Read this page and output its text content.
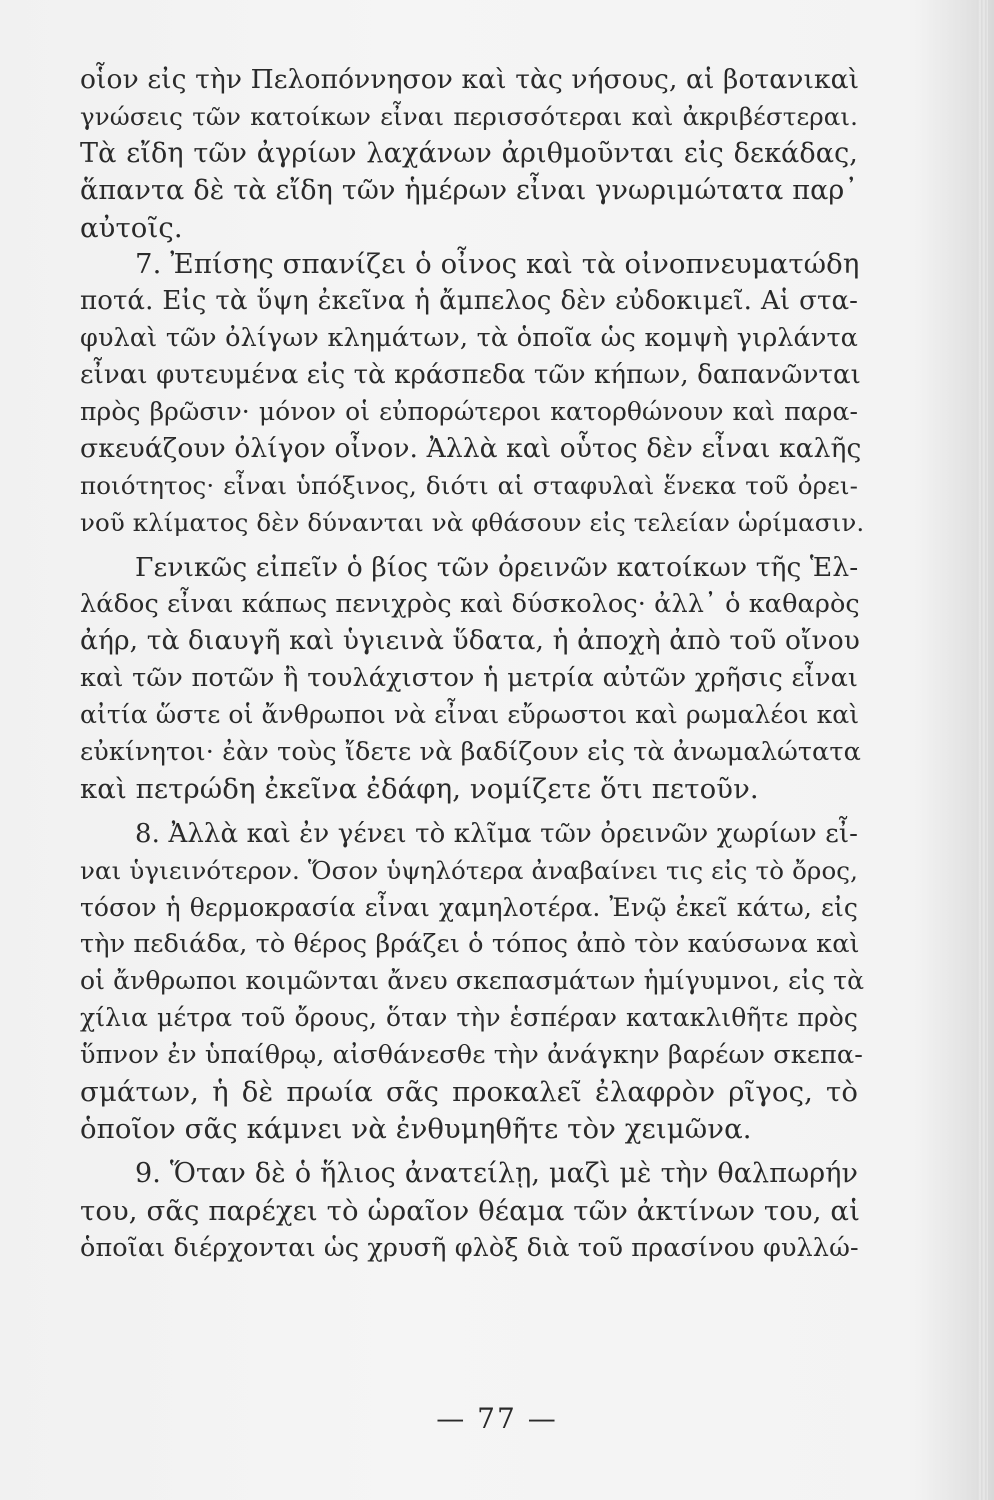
οἷον εἰς τὴν Πελοπόννησον καὶ τὰς νήσους, αἱ βοτανικαὶ
γνώσεις τῶν κατοίκων εἶναι περισσότεραι καὶ ἀκριβέστεραι.
Τὰ εἴδη τῶν ἀγρίων λαχάνων ἀριθμοῦνται εἰς δεκάδας,
ἅπαντα δὲ τὰ εἴδη τῶν ἡμέρων εἶναι γνωριμώτατα παρ᾿
αὐτοῖς.
7. Ἐπίσης σπανίζει ὁ οἶνος καὶ τὰ οἰνοπνευματώδη
ποτά. Εἰς τὰ ὕψη ἐκεῖνα ἡ ἄμπελος δὲν εὐδοκιμεῖ. Αἱ στα-
φυλαὶ τῶν ὀλίγων κλημάτων, τὰ ὁποῖα ὡς κομψὴ γιρλάντα
εἶναι φυτευμένα εἰς τὰ κράσπεδα τῶν κήπων, δαπανῶνται
πρὸς βρῶσιν· μόνον οἱ εὐπορώτεροι κατορθώνουν καὶ παρα-
σκευάζουν ὀλίγον οἶνον. Ἀλλὰ καὶ οὗτος δὲν εἶναι καλῆς
ποιότητος· εἶναι ὑπόξινος, διότι αἱ σταφυλαὶ ἕνεκα τοῦ ὀρει-
νοῦ κλίματος δὲν δύνανται νὰ φθάσουν εἰς τελείαν ὡρίμασιν.
Γενικῶς εἰπεῖν ὁ βίος τῶν ὀρεινῶν κατοίκων τῆς Ἑλ-
λάδος εἶναι κάπως πενιχρὸς καὶ δύσκολος· ἀλλ᾿ ὁ καθαρὸς
ἀήρ, τὰ διαυγῆ καὶ ὑγιεινὰ ὕδατα, ἡ ἀποχὴ ἀπὸ τοῦ οἴνου
καὶ τῶν ποτῶν ἢ τουλάχιστον ἡ μετρία αὐτῶν χρῆσις εἶναι
αἰτία ὥστε οἱ ἄνθρωποι νὰ εἶναι εὔρωστοι καὶ ρωμαλέοι καὶ
εὐκίνητοι· ἐὰν τοὺς ἴδετε νὰ βαδίζουν εἰς τὰ ἀνωμαλώτατα
καὶ πετρώδη ἐκεῖνα ἐδάφη, νομίζετε ὅτι πετοῦν.
8. Ἀλλὰ καὶ ἐν γένει τὸ κλῖμα τῶν ὀρεινῶν χωρίων εἶ-
ναι ὑγιεινότερον. Ὅσον ὑψηλότερα ἀναβαίνει τις εἰς τὸ ὄρος,
τόσον ἡ θερμοκρασία εἶναι χαμηλοτέρα. Ἐνῷ ἐκεῖ κάτω, εἰς
τὴν πεδιάδα, τὸ θέρος βράζει ὁ τόπος ἀπὸ τὸν καύσωνα καὶ
οἱ ἄνθρωποι κοιμῶνται ἄνευ σκεπασμάτων ἡμίγυμνοι, εἰς τὰ
χίλια μέτρα τοῦ ὄρους, ὅταν τὴν ἑσπέραν κατακλιθῆτε πρὸς
ὕπνον ἐν ὑπαίθρῳ, αἰσθάνεσθε τὴν ἀνάγκην βαρέων σκεπα-
σμάτων, ἡ δὲ πρωία σᾶς προκαλεῖ ἐλαφρὸν ρῖγος, τὸ
ὁποῖον σᾶς κάμνει νὰ ἐνθυμηθῆτε τὸν χειμῶνα.
9. Ὅταν δὲ ὁ ἥλιος ἀνατείλῃ, μαζὶ μὲ τὴν θαλπωρήν
του, σᾶς παρέχει τὸ ὡραῖον θέαμα τῶν ἀκτίνων του, αἱ
ὁποῖαι διέρχονται ὡς χρυσῆ φλὸξ διὰ τοῦ πρασίνου φυλλώ-
— 77 —
